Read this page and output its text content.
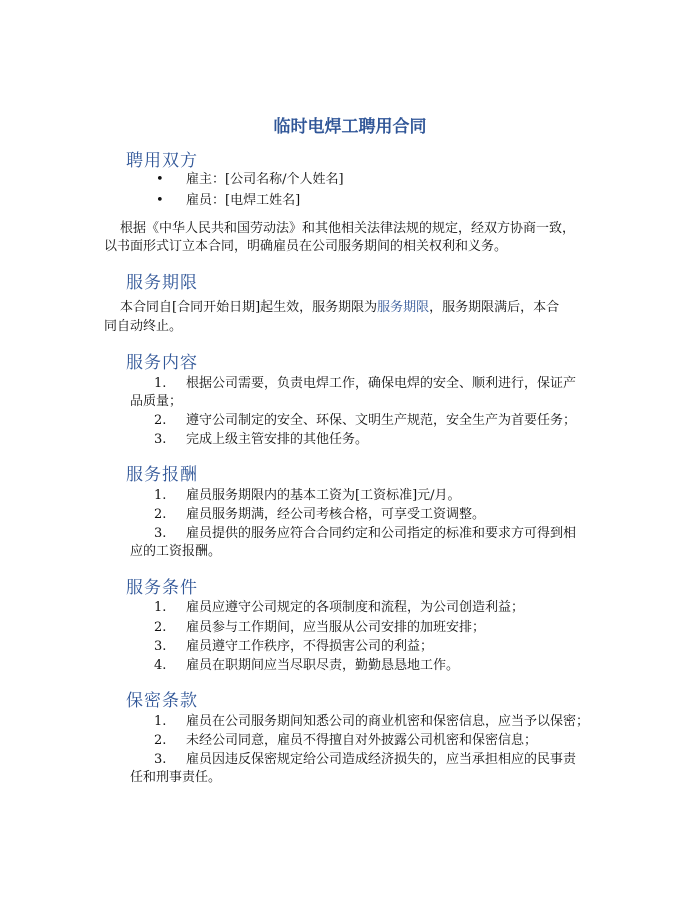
临时电焊工聘用合同
聘用双方
• 雇主：[公司名称/个人姓名]
• 雇员：[电焊工姓名]
根据《中华人民共和国劳动法》和其他相关法律法规的规定，经双方协商一致，
以书面形式订立本合同，明确雇员在公司服务期间的相关权利和义务。
服务期限
本合同自[合同开始日期]起生效，服务期限为服务期限，服务期限满后，本合
同自动终止。
服务内容
1. 根据公司需要，负责电焊工作，确保电焊的安全、顺利进行，保证产
品质量；
2. 遵守公司制定的安全、环保、文明生产规范，安全生产为首要任务；
3. 完成上级主管安排的其他任务。
服务报酬
1. 雇员服务期限内的基本工资为[工资标准]元/月。
2. 雇员服务期满，经公司考核合格，可享受工资调整。
3. 雇员提供的服务应符合合同约定和公司指定的标准和要求方可得到相
应的工资报酬。
服务条件
1. 雇员应遵守公司规定的各项制度和流程，为公司创造利益；
2. 雇员参与工作期间，应当服从公司安排的加班安排；
3. 雇员遵守工作秩序，不得损害公司的利益；
4. 雇员在职期间应当尽职尽责，勤勤恳恳地工作。
保密条款
1. 雇员在公司服务期间知悉公司的商业机密和保密信息，应当予以保密；
2. 未经公司同意，雇员不得擅自对外披露公司机密和保密信息；
3. 雇员因违反保密规定给公司造成经济损失的，应当承担相应的民事责
任和刑事责任。
